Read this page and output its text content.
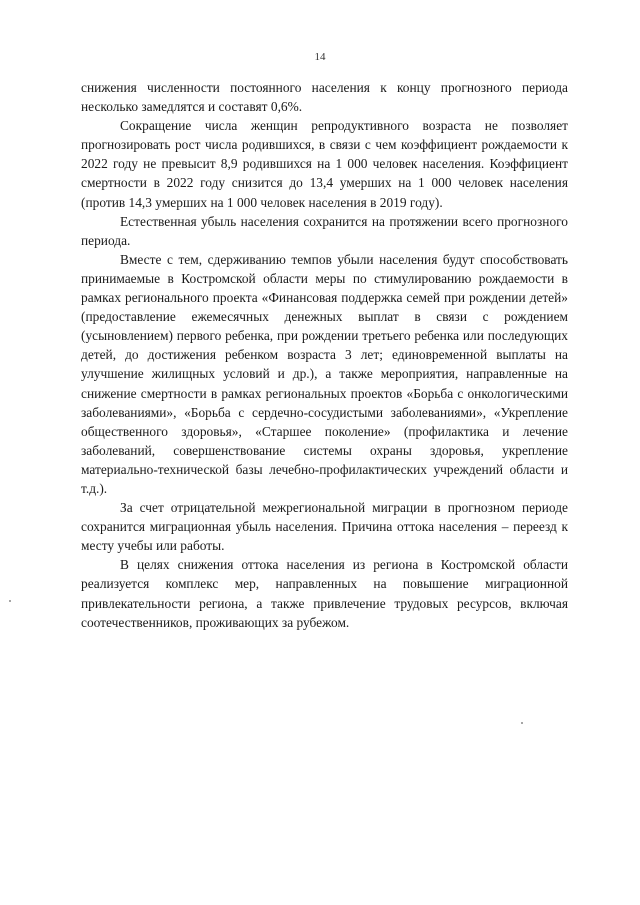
14

снижения численности постоянного населения к концу прогнозного периода несколько замедлятся и составят 0,6%.

Сокращение числа женщин репродуктивного возраста не позволяет прогнозировать рост числа родившихся, в связи с чем коэффициент рождаемости к 2022 году не превысит 8,9 родившихся на 1 000 человек населения. Коэффициент смертности в 2022 году снизится до 13,4 умерших на 1 000 человек населения (против 14,3 умерших на 1 000 человек населения в 2019 году).

Естественная убыль населения сохранится на протяжении всего прогнозного периода.

Вместе с тем, сдерживанию темпов убыли населения будут способствовать принимаемые в Костромской области меры по стимулированию рождаемости в рамках регионального проекта «Финансовая поддержка семей при рождении детей» (предоставление ежемесячных денежных выплат в связи с рождением (усыновлением) первого ребенка, при рождении третьего ребенка или последующих детей, до достижения ребенком возраста 3 лет; единовременной выплаты на улучшение жилищных условий и др.), а также мероприятия, направленные на снижение смертности в рамках региональных проектов «Борьба с онкологическими заболеваниями», «Борьба с сердечно-сосудистыми заболеваниями», «Укрепление общественного здоровья», «Старшее поколение» (профилактика и лечение заболеваний, совершенствование системы охраны здоровья, укрепление материально-технической базы лечебно-профилактических учреждений области и т.д.).

За счет отрицательной межрегиональной миграции в прогнозном периоде сохранится миграционная убыль населения. Причина оттока населения – переезд к месту учебы или работы.

В целях снижения оттока населения из региона в Костромской области реализуется комплекс мер, направленных на повышение миграционной привлекательности региона, а также привлечение трудовых ресурсов, включая соотечественников, проживающих за рубежом.
